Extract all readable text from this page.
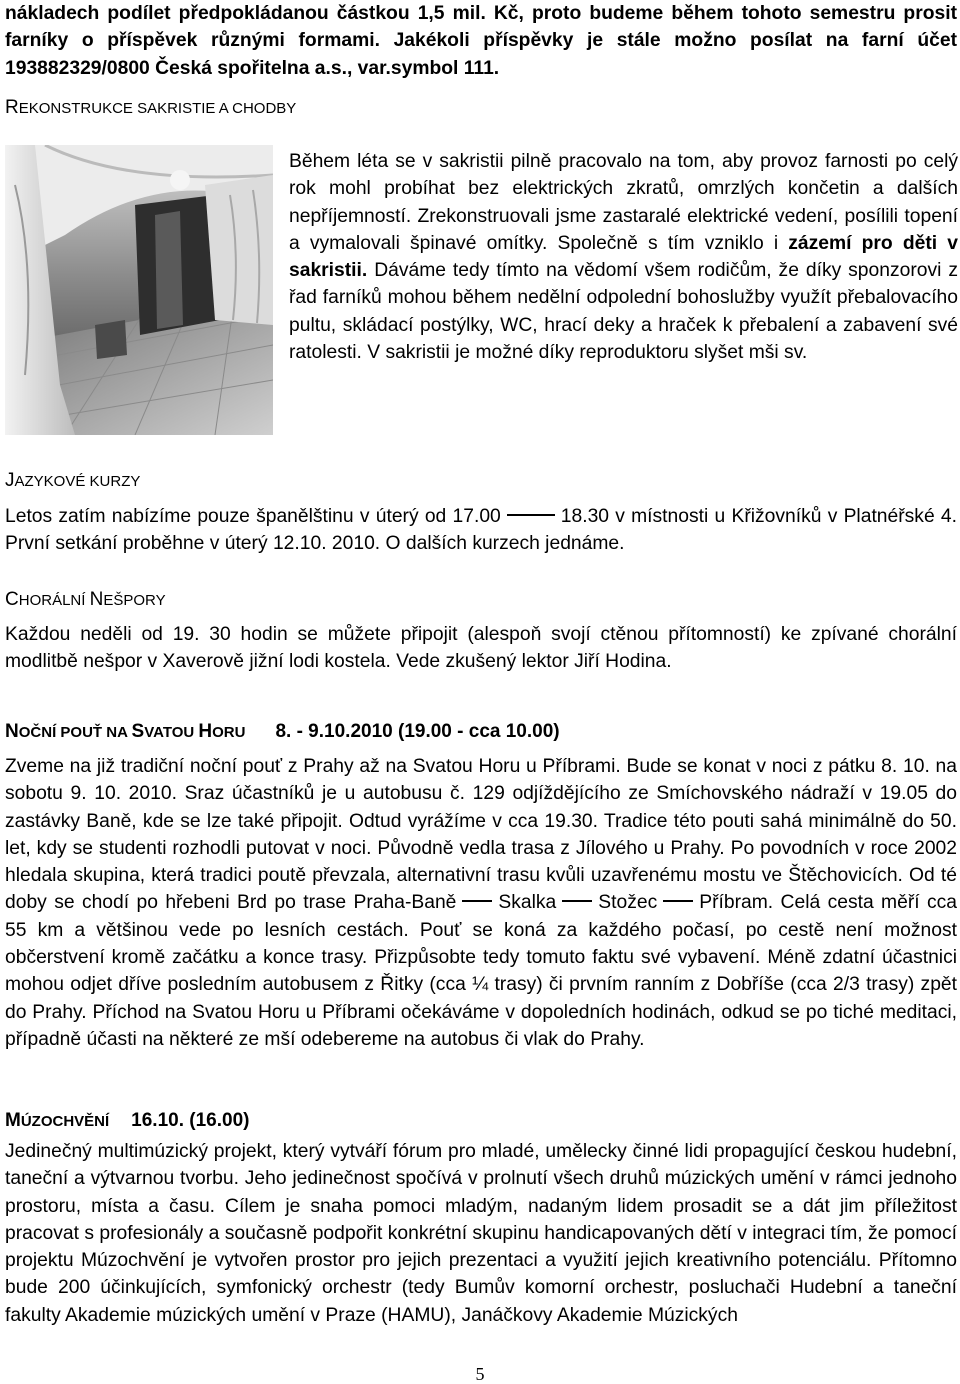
nákladech podílet předpokládanou částkou 1,5 mil. Kč, proto budeme během tohoto semestru prosit farníky o příspěvek různými formami. Jakékoli příspěvky je stále možno posílat na farní účet 193882329/0800 Česká spořitelna a.s., var.symbol 111.

REKONSTRUKCE SAKRISTIE A CHODBY

Během léta se v sakristii pilně pracovalo na tom, aby provoz farnosti po celý rok mohl probíhat bez elektrických zkratů, omrzlých končetin a dalších nepříjemností. Zrekonstruovali jsme zastaralé elektrické vedení, posílili topení a vymalovali špinavé omítky. Společně s tím vzniklo i zázemí pro děti v sakristii. Dáváme tedy tímto na vědomí všem rodičům, že díky sponzorovi z řad farníků mohou během nedělní odpolední bohoslužby využít přebalovacího pultu, skládací postýlky, WC, hrací deky a hraček k přebalení a zabavení své ratolesti. V sakristii je možné díky reproduktoru slyšet mši sv.

JAZYKOVÉ KURZY

Letos zatím nabízíme pouze španělštinu v úterý od 17.00	18.30 v místnosti u Křižovníků v Platnéřské 4. První setkání proběhne v úterý 12.10. 2010. O dalších kurzech jednáme.

CHORÁLNÍ NEŠPORY

Každou neděli od 19. 30 hodin se můžete připojit (alespoň svojí ctěnou přítomností) ke zpívané chorální modlitbě nešpor v Xaverově jižní lodi kostela. Vede zkušený lektor Jiří Hodina.

NOČNÍ POUŤ NA SVATOU HORU 8. - 9.10.2010 (19.00 - cca 10.00)

Zveme na již tradiční noční pouť z Prahy až na Svatou Horu u Příbrami. Bude se konat v noci z pátku 8. 10. na sobotu 9. 10. 2010. Sraz účastníků je u autobusu č. 129 odjíždějícího ze Smíchovského nádraží v 19.05 do zastávky Baně, kde se lze také připojit. Odtud vyrážíme v cca 19.30. Tradice této pouti sahá minimálně do 50. let, kdy se studenti rozhodli putovat v noci. Původně vedla trasa z Jílového u Prahy. Po povodních v roce 2002 hledala skupina, která tradici poutě převzala, alternativní trasu kvůli uzavřenému mostu ve Štěchovicích. Od té doby se chodí po hřebeni Brd po trase Praha-Baně Skalka Stožec Příbram. Celá cesta měří cca 55 km a většinou vede po lesních cestách. Pouť se koná za každého počasí, po cestě není možnost občerstvení kromě začátku a konce trasy. Přizpůsobte tedy tomuto faktu své vybavení. Méně zdatní účastnici mohou odjet dříve posledním autobusem z Řitky (cca ¼ trasy) či prvním ranním z Dobříše (cca 2/3 trasy) zpět do Prahy. Příchod na Svatou Horu u Příbrami očekáváme v dopoledních hodinách, odkud se po tiché meditaci, případně účasti na některé ze mší odebereme na autobus či vlak do Prahy.

MÚZOCHVĚNÍ 16.10. (16.00)

Jedinečný multimúzický projekt, který vytváří fórum pro mladé, umělecky činné lidi propagující českou hudební, taneční a výtvarnou tvorbu. Jeho jedinečnost spočívá v prolnutí všech druhů múzických umění v rámci jednoho prostoru, místa a času. Cílem je snaha pomoci mladým, nadaným lidem prosadit se a dát jim příležitost pracovat s profesionály a současně podpořit konkrétní skupinu handicapovaných dětí v integraci tím, že pomocí projektu Múzochvění je vytvořen prostor pro jejich prezentaci a využití jejich kreativního potenciálu. Přítomno bude 200 účinkujících, symfonický orchestr (tedy Bumův komorní orchestr, posluchači Hudební a taneční fakulty Akademie múzických umění v Praze (HAMU), Janáčkovy Akademie Múzických

5
